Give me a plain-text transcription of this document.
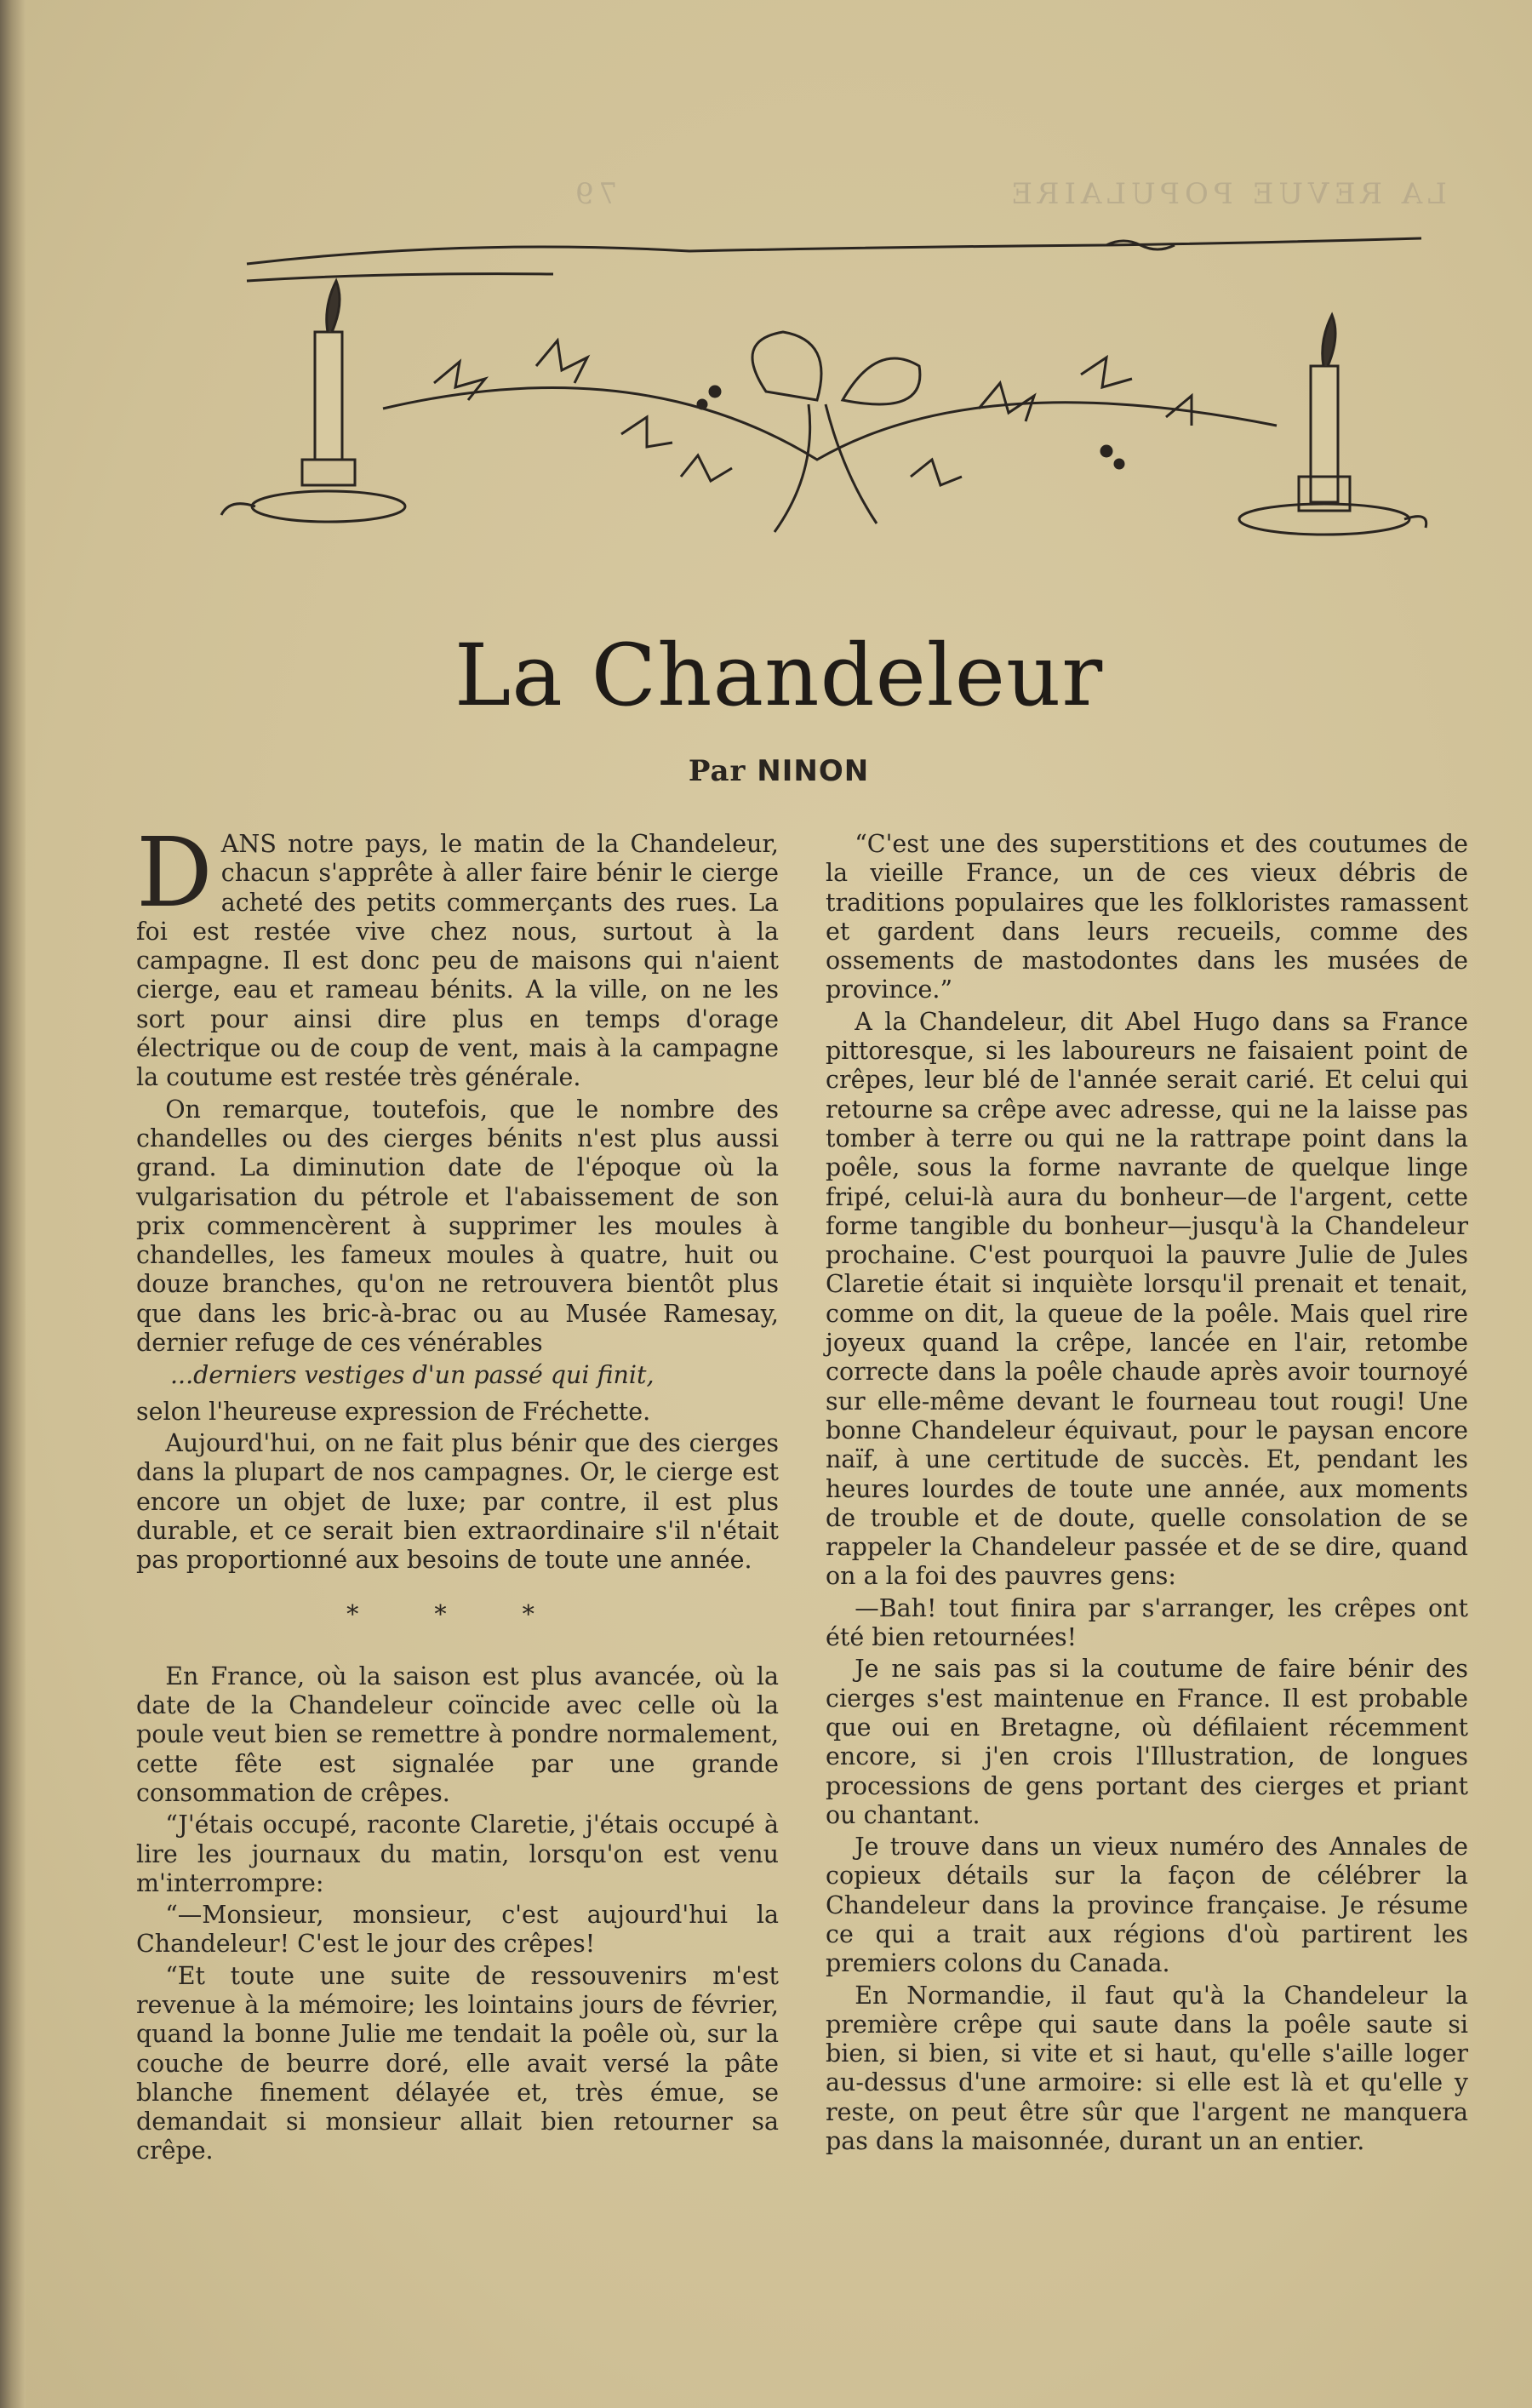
LA REVUE POPULAIRE
79
La Chandeleur
Par NINON

DANS notre pays, le matin de la Chandeleur, chacun s'apprête à aller faire bénir le cierge acheté des petits commerçants des rues. La foi est restée vive chez nous, surtout à la campagne. Il est donc peu de maisons qui n'aient cierge, eau et rameau bénits. A la ville, on ne les sort pour ainsi dire plus en temps d'orage électrique ou de coup de vent, mais à la campagne la coutume est restée très générale.

On remarque, toutefois, que le nombre des chandelles ou des cierges bénits n'est plus aussi grand. La diminution date de l'époque où la vulgarisation du pétrole et l'abaissement de son prix commencèrent à supprimer les moules à chandelles, les fameux moules à quatre, huit ou douze branches, qu'on ne retrouvera bientôt plus que dans les bric-à-brac ou au Musée Ramesay, dernier refuge de ces vénérables

...derniers vestiges d'un passé qui finit,

selon l'heureuse expression de Fréchette.

Aujourd'hui, on ne fait plus bénir que des cierges dans la plupart de nos campagnes. Or, le cierge est encore un objet de luxe; par contre, il est plus durable, et ce serait bien extraordinaire s'il n'était pas proportionné aux besoins de toute une année.

* * *

En France, où la saison est plus avancée, où la date de la Chandeleur coïncide avec celle où la poule veut bien se remettre à pondre normalement, cette fête est signalée par une grande consommation de crêpes.

“J'étais occupé, raconte Claretie, j'étais occupé à lire les journaux du matin, lorsqu'on est venu m'interrompre:

“—Monsieur, monsieur, c'est aujourd'hui la Chandeleur! C'est le jour des crêpes!

“Et toute une suite de ressouvenirs m'est revenue à la mémoire; les lointains jours de février, quand la bonne Julie me tendait la poêle où, sur la couche de beurre doré, elle avait versé la pâte blanche finement délayée et, très émue, se demandait si monsieur allait bien retourner sa crêpe.

“C'est une des superstitions et des coutumes de la vieille France, un de ces vieux débris de traditions populaires que les folkloristes ramassent et gardent dans leurs recueils, comme des ossements de mastodontes dans les musées de province.”

A la Chandeleur, dit Abel Hugo dans sa France pittoresque, si les laboureurs ne faisaient point de crêpes, leur blé de l'année serait carié. Et celui qui retourne sa crêpe avec adresse, qui ne la laisse pas tomber à terre ou qui ne la rattrape point dans la poêle, sous la forme navrante de quelque linge fripé, celui-là aura du bonheur—de l'argent, cette forme tangible du bonheur—jusqu'à la Chandeleur prochaine. C'est pourquoi la pauvre Julie de Jules Claretie était si inquiète lorsqu'il prenait et tenait, comme on dit, la queue de la poêle. Mais quel rire joyeux quand la crêpe, lancée en l'air, retombe correcte dans la poêle chaude après avoir tournoyé sur elle-même devant le fourneau tout rougi! Une bonne Chandeleur équivaut, pour le paysan encore naïf, à une certitude de succès. Et, pendant les heures lourdes de toute une année, aux moments de trouble et de doute, quelle consolation de se rappeler la Chandeleur passée et de se dire, quand on a la foi des pauvres gens:

—Bah! tout finira par s'arranger, les crêpes ont été bien retournées!

Je ne sais pas si la coutume de faire bénir des cierges s'est maintenue en France. Il est probable que oui en Bretagne, où défilaient récemment encore, si j'en crois l'Illustration, de longues processions de gens portant des cierges et priant ou chantant.

Je trouve dans un vieux numéro des Annales de copieux détails sur la façon de célébrer la Chandeleur dans la province française. Je résume ce qui a trait aux régions d'où partirent les premiers colons du Canada.

En Normandie, il faut qu'à la Chandeleur la première crêpe qui saute dans la poêle saute si bien, si bien, si vite et si haut, qu'elle s'aille loger au-dessus d'une armoire: si elle est là et qu'elle y reste, on peut être sûr que l'argent ne manquera pas dans la maisonnée, durant un an entier.
